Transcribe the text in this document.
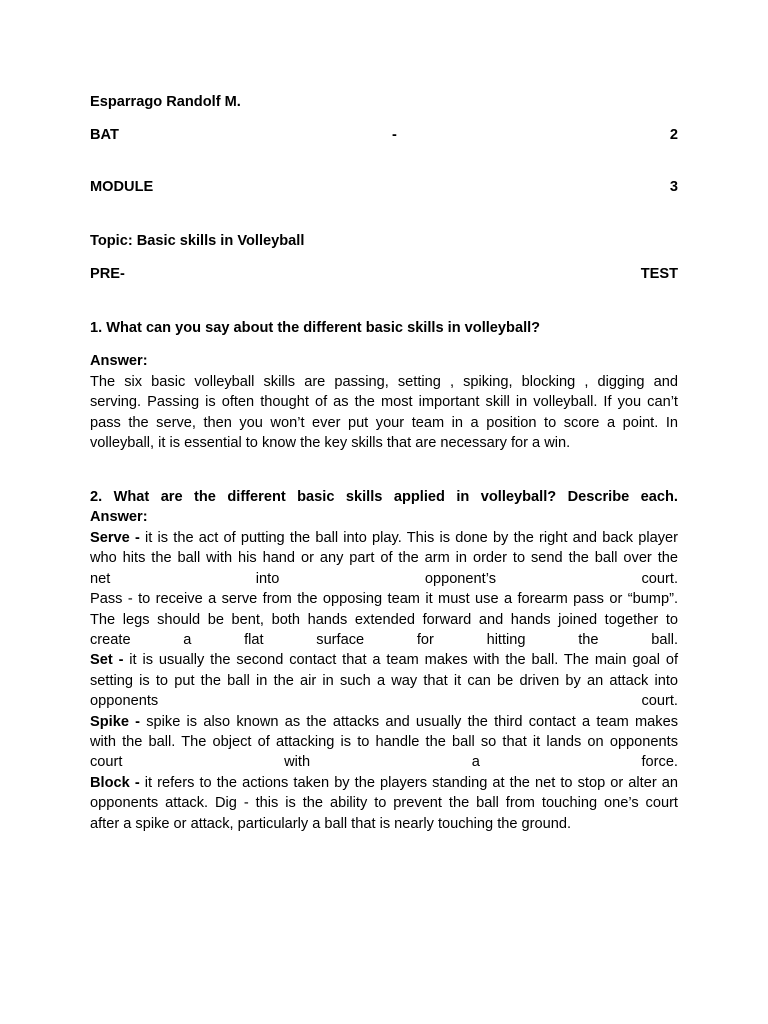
Esparrago Randolf M.
BAT	-	2
MODULE	3
Topic: Basic skills in Volleyball
PRE-	TEST
1. What can you say about the different basic skills in volleyball?
Answer:
The six basic volleyball skills are passing, setting , spiking, blocking , digging and
serving. Passing is often thought of as the most important skill in volleyball. If you can’t
pass the serve, then you won’t ever put your team in a position to score a point. In
volleyball, it is essential to know the key skills that are necessary for a win.
2. What are the different basic skills applied in volleyball? Describe each.
Answer:
Serve - it is the act of putting the ball into play. This is done by the right and back player
who hits the ball with his hand or any part of the arm in order to send the ball over the
net into opponent’s court.
Pass - to receive a serve from the opposing team it must use a forearm pass or “bump”.
The legs should be bent, both hands extended forward and hands joined together to
create a flat surface for hitting the ball.
Set - it is usually the second contact that a team makes with the ball. The main goal of
setting is to put the ball in the air in such a way that it can be driven by an attack into
opponents court.
Spike - spike is also known as the attacks and usually the third contact a team makes
with the ball. The object of attacking is to handle the ball so that it lands on opponents
court with a force.
Block - it refers to the actions taken by the players standing at the net to stop or alter an
opponents attack. Dig - this is the ability to prevent the ball from touching one’s court
after a spike or attack, particularly a ball that is nearly touching the ground.
